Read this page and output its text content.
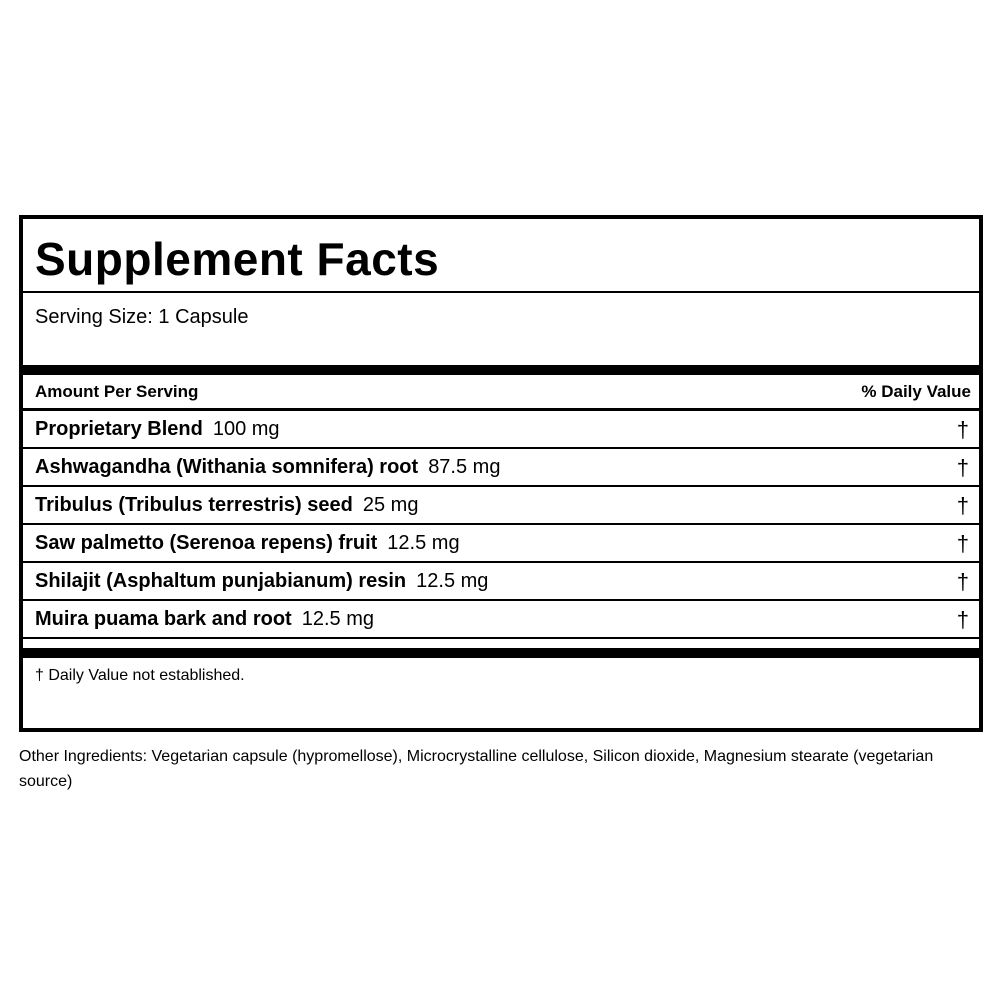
Supplement Facts
Serving Size: 1 Capsule
Amount Per Serving	% Daily Value
Proprietary Blend 100 mg	†
Ashwagandha (Withania somnifera) root 87.5 mg	†
Tribulus (Tribulus terrestris) seed 25 mg	†
Saw palmetto (Serenoa repens) fruit 12.5 mg	†
Shilajit (Asphaltum punjabianum) resin 12.5 mg	†
Muira puama bark and root 12.5 mg	†
† Daily Value not established.
Other Ingredients: Vegetarian capsule (hypromellose), Microcrystalline cellulose, Silicon dioxide, Magnesium stearate (vegetarian source)
